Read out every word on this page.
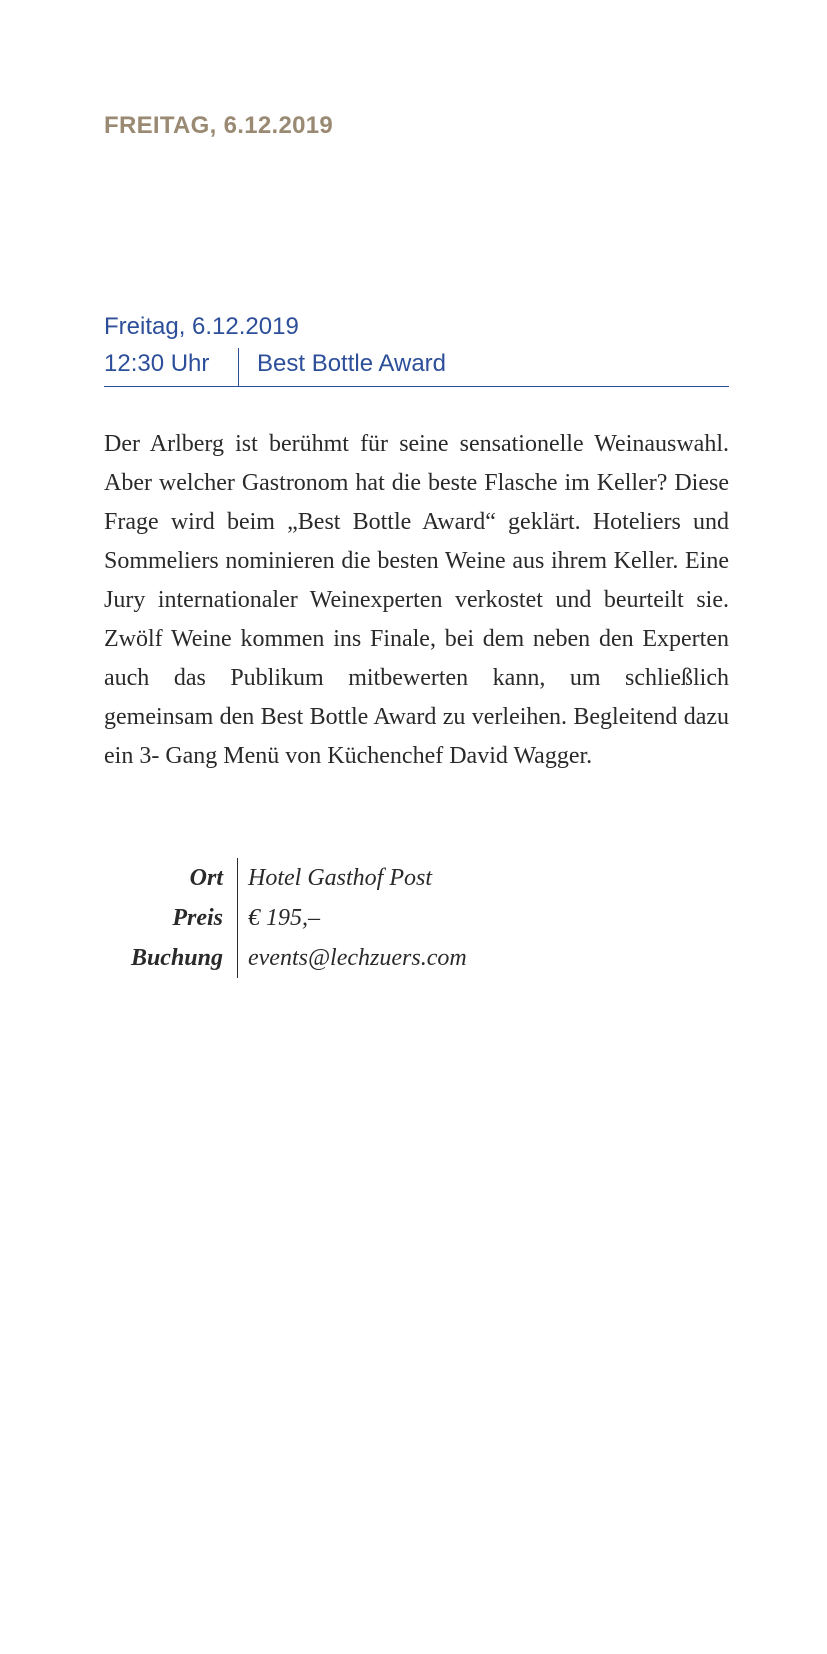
FREITAG, 6.12.2019
Freitag, 6.12.2019
12:30 Uhr	Best Bottle Award

Der Arlberg ist berühmt für seine sensationelle Weinauswahl. Aber welcher Gastronom hat die beste Flasche im Keller? Diese Frage wird beim „Best Bottle Award“ geklärt. Hoteliers und Sommeliers nominieren die besten Weine aus ihrem Keller. Eine Jury internationaler Weinexperten verkostet und beurteilt sie. Zwölf Weine kommen ins Finale, bei dem neben den Experten auch das Publikum mitbewerten kann, um schließlich gemeinsam den Best Bottle Award zu verleihen. Begleitend dazu ein 3- Gang Menü von Küchenchef David Wagger.

Ort	Hotel Gasthof Post
Preis	€ 195,–
Buchung	events@lechzuers.com
